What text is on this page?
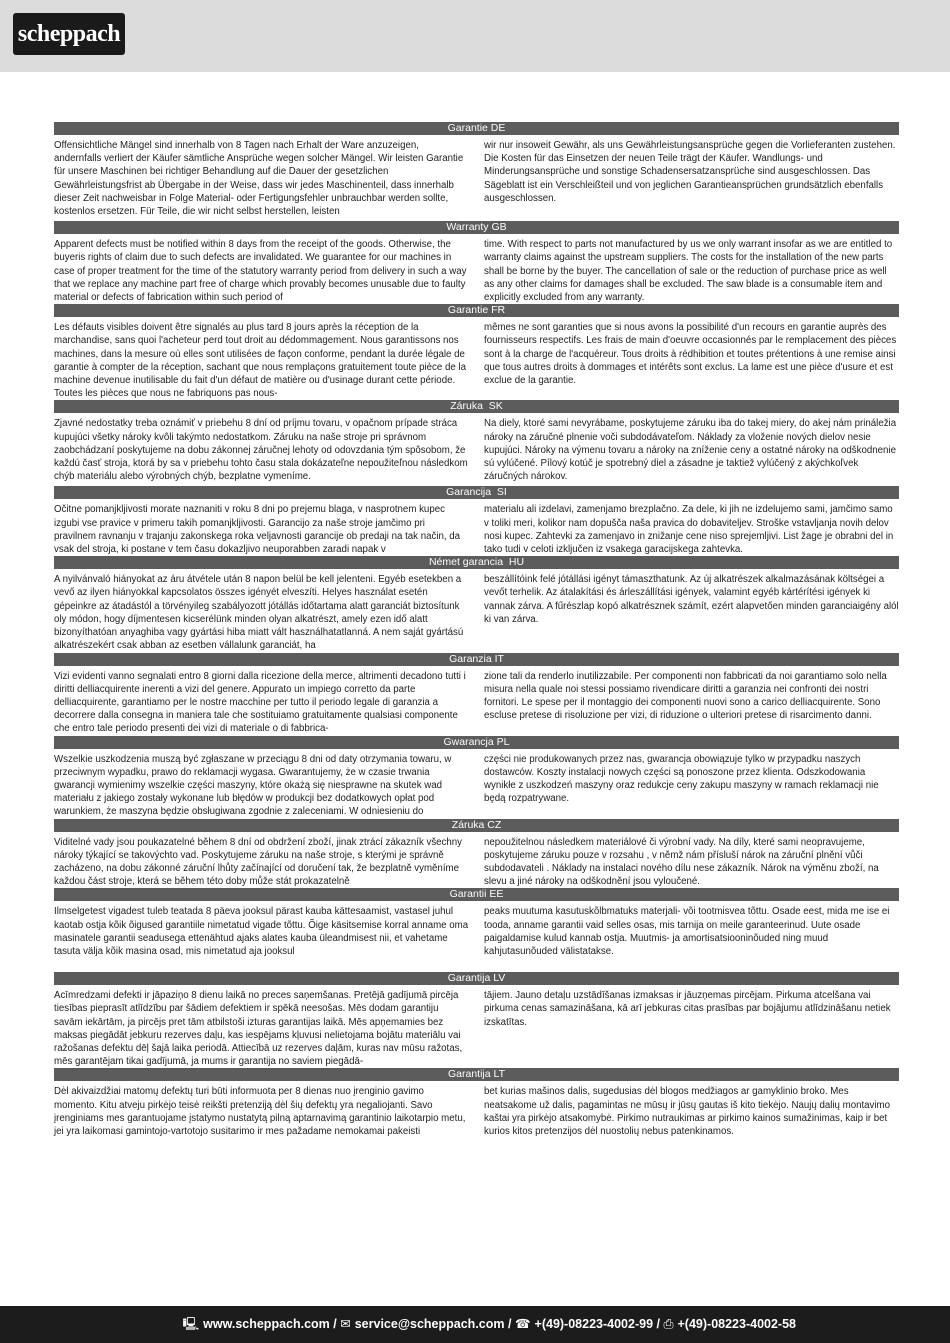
scheppach
Garantie DE
Offensichtliche Mängel sind innerhalb von 8 Tagen nach Erhalt der Ware anzuzeigen, andernfalls verliert der Käufer sämtliche Ansprüche wegen solcher Mängel. Wir leisten Garantie für unsere Maschinen bei richtiger Behandlung auf die Dauer der gesetzlichen Gewährleistungsfrist ab Übergabe in der Weise, dass wir jedes Maschinenteil, dass innerhalb dieser Zeit nachweisbar in Folge Material- oder Fertigungsfehler unbrauchbar werden sollte, kostenlos ersetzen. Für Teile, die wir nicht selbst herstellen, leisten
wir nur insoweit Gewähr, als uns Gewährleistungsansprüche gegen die Vorlieferanten zustehen. Die Kosten für das Einsetzen der neuen Teile trägt der Käufer. Wandlungs- und Minderungsansprüche und sonstige Schadensersatzansprüche sind ausgeschlossen. Das Sägeblatt ist ein Verschleißteil und von jeglichen Garantieansprüchen grundsätzlich ebenfalls ausgeschlossen.
Warranty GB
Apparent defects must be notified within 8 days from the receipt of the goods. Otherwise, the buyeris rights of claim due to such defects are invalidated. We guarantee for our machines in case of proper treatment for the time of the statutory warranty period from delivery in such a way that we replace any machine part free of charge which provably becomes unusable due to faulty material or defects of fabrication within such period of
time. With respect to parts not manufactured by us we only warrant insofar as we are entitled to warranty claims against the upstream suppliers. The costs for the installation of the new parts shall be borne by the buyer. The cancellation of sale or the reduction of purchase price as well as any other claims for damages shall be excluded. The saw blade is a consumable item and explicitly excluded from any warranty.
Garantie FR
Les défauts visibles doivent être signalés au plus tard 8 jours après la réception de la marchandise, sans quoi l'acheteur perd tout droit au dédommagement. Nous garantissons nos machines, dans la mesure où elles sont utilisées de façon conforme, pendant la durée légale de garantie à compter de la réception, sachant que nous remplaçons gratuitement toute pièce de la machine devenue inutilisable du fait d'un défaut de matière ou d'usinage durant cette période. Toutes les pièces que nous ne fabriquons pas nous-
mêmes ne sont garanties que si nous avons la possibilité d'un recours en garantie auprès des fournisseurs respectifs. Les frais de main d'oeuvre occasionnés par le remplacement des pièces sont à la charge de l'acquéreur. Tous droits à rédhibition et toutes prétentions à une remise ainsi que tous autres droits à dommages et intérêts sont exclus. La lame est une pièce d'usure et est exclue de la garantie.
Záruka  SK
Zjavné nedostatky treba oznámiť v priebehu 8 dní od príjmu tovaru, v opačnom prípade stráca kupujúci všetky nároky kvôli takýmto nedostatkom. Záruku na naše stroje pri správnom zaobchádzaní poskytujeme na dobu zákonnej záručnej lehoty od odovzdania tým spôsobom, že každú časť stroja, ktorá by sa v priebehu tohto času stala dokázateľne nepoužiteľnou následkom chýb materiálu alebo výrobných chýb, bezplatne vymeníme.
Na diely, ktoré sami nevyrábame, poskytujeme záruku iba do takej miery, do akej nám prináležia nároky na záručné plnenie voči subdodávateľom. Náklady za vloženie nových dielov nesie kupujúci. Nároky na výmenu tovaru a nároky na zníženie ceny a ostatné nároky na odškodnenie sú vylúčené. Pílový kotúč je spotrebný diel a zásadne je taktiež vylúčený z akýchkoľvek záručných nárokov.
Garancija  SI
Očitne pomanjkljivosti morate naznaniti v roku 8 dni po prejemu blaga, v nasprotnem kupec izgubi vse pravice v primeru takih pomanjkljivosti. Garancijo za naše stroje jamčimo pri pravilnem ravnanju v trajanju zakonskega roka veljavnosti garancije ob predaji na tak način, da vsak del stroja, ki postane v tem času dokazljivo neuporabben zaradi napak v
materialu ali izdelavi, zamenjamo brezplačno. Za dele, ki jih ne izdelujemo sami, jamčimo samo v toliki meri, kolikor nam dopušča naša pravica do dobaviteljev. Stroške vstavljanja novih delov nosi kupec. Zahtevki za zamenjavo in znižanje cene niso sprejemljivi. List žage je obrabni del in tako tudi v celoti izključen iz vsakega garacijskega zahtevka.
Német garancia  HU
A nyilvánvaló hiányokat az áru átvétele után 8 napon belül be kell jelenteni. Egyéb esetekben a vevő az ilyen hiányokkal kapcsolatos összes igényét elveszíti. Helyes használat esetén gépeinkre az átadástól a törvényileg szabályozott jótállás időtartama alatt garanciát biztosítunk oly módon, hogy díjmentesen kicserélünk minden olyan alkatrészt, amely ezen idő alatt bizonyíthatóan anyaghiba vagy gyártási hiba miatt vált használhatatlanná. A nem saját gyártású alkatrészekért csak abban az esetben vállalunk garanciát, ha
beszállítóink felé jótállási igényt támaszthatunk. Az új alkatrészek alkalmazásának költségei a vevőt terhelik. Az átalakítási és árleszállítási igények, valamint egyéb kártérítési igények ki vannak zárva. A fűrészlap kopó alkatrésznek számít, ezért alapvetően minden garanciaigény alól ki van zárva.
Garanzia IT
Vizi evidenti vanno segnalati entro 8 giorni dalla ricezione della merce, altrimenti decadono tutti i diritti delliacquirente inerenti a vizi del genere. Appurato un impiego corretto da parte delliacquirente, garantiamo per le nostre macchine per tutto il periodo legale di garanzia a decorrere dalla consegna in maniera tale che sostituiamo gratuitamente qualsiasi componente che entro tale periodo presenti dei vizi di materiale o di fabbrica-
zione tali da renderlo inutilizzabile. Per componenti non fabbricati da noi garantiamo solo nella misura nella quale noi stessi possiamo rivendicare diritti a garanzia nei confronti dei nostri fornitori. Le spese per il montaggio dei componenti nuovi sono a carico delliacquirente. Sono escluse pretese di risoluzione per vizi, di riduzione o ulteriori pretese di risarcimento danni.
Gwarancja PL
Wszelkie uszkodzenia muszą być zgłaszane w przeciągu 8 dni od daty otrzymania towaru, w przeciwnym wypadku, prawo do reklamacji wygasa. Gwarantujemy, że w czasie trwania gwarancji wymienimy wszelkie części maszyny, które okażą się niesprawne na skutek wad materiału z jakiego zostały wykonane lub błędów w produkcji bez dodatkowych opłat pod warunkiem, że maszyna będzie obsługiwana zgodnie z zaleceniami. W odniesieniu do
części nie produkowanych przez nas, gwarancja obowiązuje tylko w przypadku naszych dostawców. Koszty instalacji nowych części są ponoszone przez klienta. Odszkodowania wynikłe z uszkodzeń maszyny oraz redukcje ceny zakupu maszyny w ramach reklamacji nie będą rozpatrywane.
Záruka CZ
Viditelné vady jsou poukazatelné během 8 dní od obdržení zboží, jinak ztrácí zákazník všechny nároky týkající se takovýchto vad. Poskytujeme záruku na naše stroje, s kterými je správně zacházeno, na dobu zákonné záruční lhůty začínající od doručení tak, že bezplatně vyměníme každou část stroje, která se během této doby může stát prokazatelně
nepoužitelnou následkem materiálové či výrobní vady. Na díly, které sami neopravujeme, poskytujeme záruku pouze v rozsahu , v němž nám přísluší nárok na záruční plnění vůči subdodavateli . Náklady na instalaci nového dílu nese zákazník. Nárok na výměnu zboží, na slevu a jiné nároky na odškodnění jsou vyloučené.
Garantii EE
Ilmselgetest vigadest tuleb teatada 8 päeva jooksul pärast kauba kättesaamist, vastasel juhul kaotab ostja kõik õigused garantiile nimetatud vigade tõttu. Õige käsitsemise korral anname oma masinatele garantii seadusega ettenähtud ajaks alates kauba üleandmisest nii, et vahetame tasuta välja kõik masina osad, mis nimetatud aja jooksul
peaks muutuma kasutuskõlbmatuks materjali- või tootmisvea tõttu. Osade eest, mida me ise ei tooda, anname garantii vaid selles osas, mis tarnija on meile garanteerinud. Uute osade paigaldamise kulud kannab ostja. Muutmis- ja amortisatsiooninõuded ning muud kahjutasunõuded välistatakse.
Garantija LV
Acīmredzami defekti ir jāpaziņo 8 dienu laikā no preces saņemšanas. Pretējā gadījumā pircēja tiesības pieprasīt atlīdzību par šādiem defektiem ir spēkā neesošas. Mēs dodam garantiju savām iekārtām, ja pircējs pret tām atbilstoši izturas garantijas laikā. Mēs apņemamies bez maksas piegādāt jebkuru rezerves daļu, kas iespējams kļuvusi nelietojama bojātu materiālu vai ražošanas defektu dēļ šajā laika periodā. Attiecībā uz rezerves daļām, kuras nav mūsu ražotas, mēs garantējam tikai gadījumā, ja mums ir garantija no saviem piegādā-
tājiem. Jauno detaļu uzstādīšanas izmaksas ir jāuzņemas pircējam. Pirkuma atcelšana vai pirkuma cenas samazināšana, kā arī jebkuras citas prasības par bojājumu atlīdzināšanu netiek izskatītas.
Garantija LT
Dėl akivaizdžiai matomų defektų turi būti informuota per 8 dienas nuo įrenginio gavimo momento. Kitu atveju pirkėjo teisė reikšti pretenziją dėl šių defektų yra negaliojanti. Savo įrenginiams mes garantuojame įstatymo nustatytą pilną aptarnavimą garantinio laikotarpio metu, jei yra laikomasi gamintojo-vartotojo susitarimo ir mes pažadame nemokamai pakeisti
bet kurias mašinos dalis, sugedusias dėl blogos medžiagos ar gamyklinio broko. Mes neatsakome už dalis, pagamintas ne mūsų ir jūsų gautas iš kito tiekėjo. Naujų dalių montavimo kaštai yra pirkėjo atsakomybė. Pirkimo nutraukimas ar pirkimo kainos sumažinimas, kaip ir bet kurios kitos pretenzijos dėl nuostolių nebus patenkinamos.
🖳 www.scheppach.com / ✉ service@scheppach.com / ☎ +(49)-08223-4002-99 / ⎙ +(49)-08223-4002-58
